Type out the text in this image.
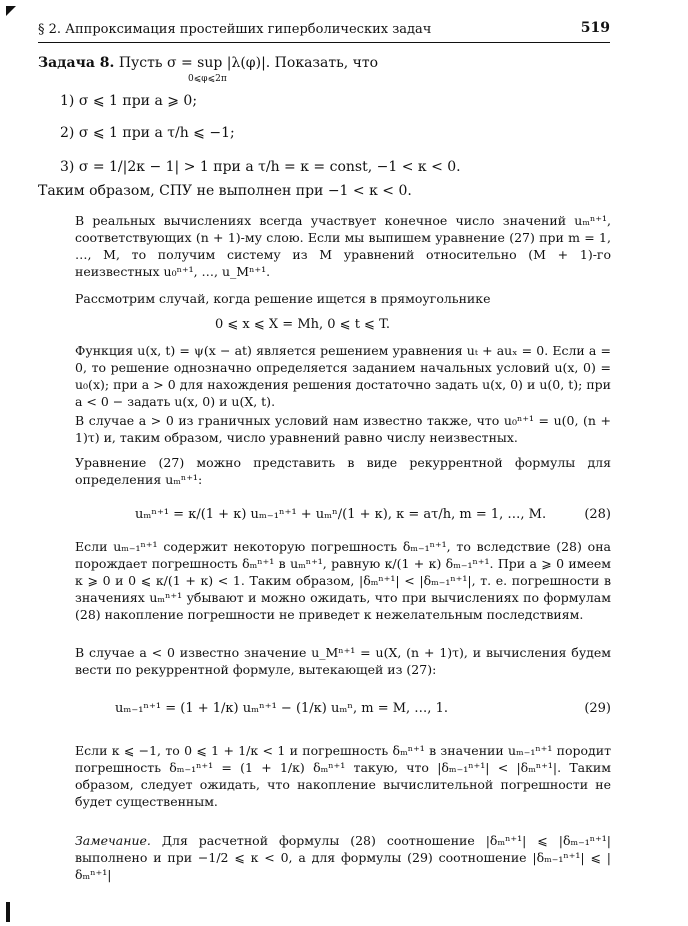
§ 2. Аппроксимация простейших гиперболических задач	519
Задача 8. Пусть σ = sup |λ(φ)|. Показать, что
0⩽φ⩽2π
1) σ ⩽ 1 при a ⩾ 0;
2) σ ⩽ 1 при a τ/h ⩽ −1;
3) σ = 1/|2κ − 1| > 1 при a τ/h = κ = const, −1 < κ < 0.
Таким образом, СПУ не выполнен при −1 < κ < 0.
В реальных вычислениях всегда участвует конечное число значений uₘⁿ⁺¹, соответствующих (n + 1)-му слою. Если мы выпишем уравнение (27) при m = 1, …, M, то получим систему из M уравнений относительно (M + 1)-го неизвестных u₀ⁿ⁺¹, …, u_Mⁿ⁺¹.
Рассмотрим случай, когда решение ищется в прямоугольнике
0 ⩽ x ⩽ X = Mh, 0 ⩽ t ⩽ T.
Функция u(x, t) = ψ(x − at) является решением уравнения uₜ + auₓ = 0. Если a = 0, то решение однозначно определяется заданием начальных условий u(x, 0) = u₀(x); при a > 0 для нахождения решения достаточно задать u(x, 0) и u(0, t); при a < 0 − задать u(x, 0) и u(X, t).
В случае a > 0 из граничных условий нам известно также, что u₀ⁿ⁺¹ = u(0, (n + 1)τ) и, таким образом, число уравнений равно числу неизвестных.
Уравнение (27) можно представить в виде рекуррентной формулы для определения uₘⁿ⁺¹:
uₘⁿ⁺¹ = κ/(1 + κ) uₘ₋₁ⁿ⁺¹ + uₘⁿ/(1 + κ), κ = aτ/h, m = 1, …, M.	(28)
Если uₘ₋₁ⁿ⁺¹ содержит некоторую погрешность δₘ₋₁ⁿ⁺¹, то вследствие (28) она порождает погрешность δₘⁿ⁺¹ в uₘⁿ⁺¹, равную κ/(1 + κ) δₘ₋₁ⁿ⁺¹. При a ⩾ 0 имеем κ ⩾ 0 и 0 ⩽ κ/(1 + κ) < 1. Таким образом, |δₘⁿ⁺¹| < |δₘ₋₁ⁿ⁺¹|, т. е. погрешности в значениях uₘⁿ⁺¹ убывают и можно ожидать, что при вычислениях по формулам (28) накопление погрешности не приведет к нежелательным последствиям.
В случае a < 0 известно значение u_Mⁿ⁺¹ = u(X, (n + 1)τ), и вычисления будем вести по рекуррентной формуле, вытекающей из (27):
uₘ₋₁ⁿ⁺¹ = (1 + 1/κ) uₘⁿ⁺¹ − (1/κ) uₘⁿ, m = M, …, 1.	(29)
Если κ ⩽ −1, то 0 ⩽ 1 + 1/κ < 1 и погрешность δₘⁿ⁺¹ в значении uₘ₋₁ⁿ⁺¹ породит погрешность δₘ₋₁ⁿ⁺¹ = (1 + 1/κ) δₘⁿ⁺¹ такую, что |δₘ₋₁ⁿ⁺¹| < |δₘⁿ⁺¹|. Таким образом, следует ожидать, что накопление вычислительной погрешности не будет существенным.
Замечание. Для расчетной формулы (28) соотношение |δₘⁿ⁺¹| ⩽ |δₘ₋₁ⁿ⁺¹| выполнено и при −1/2 ⩽ κ < 0, а для формулы (29) соотношение |δₘ₋₁ⁿ⁺¹| ⩽ |δₘⁿ⁺¹|
